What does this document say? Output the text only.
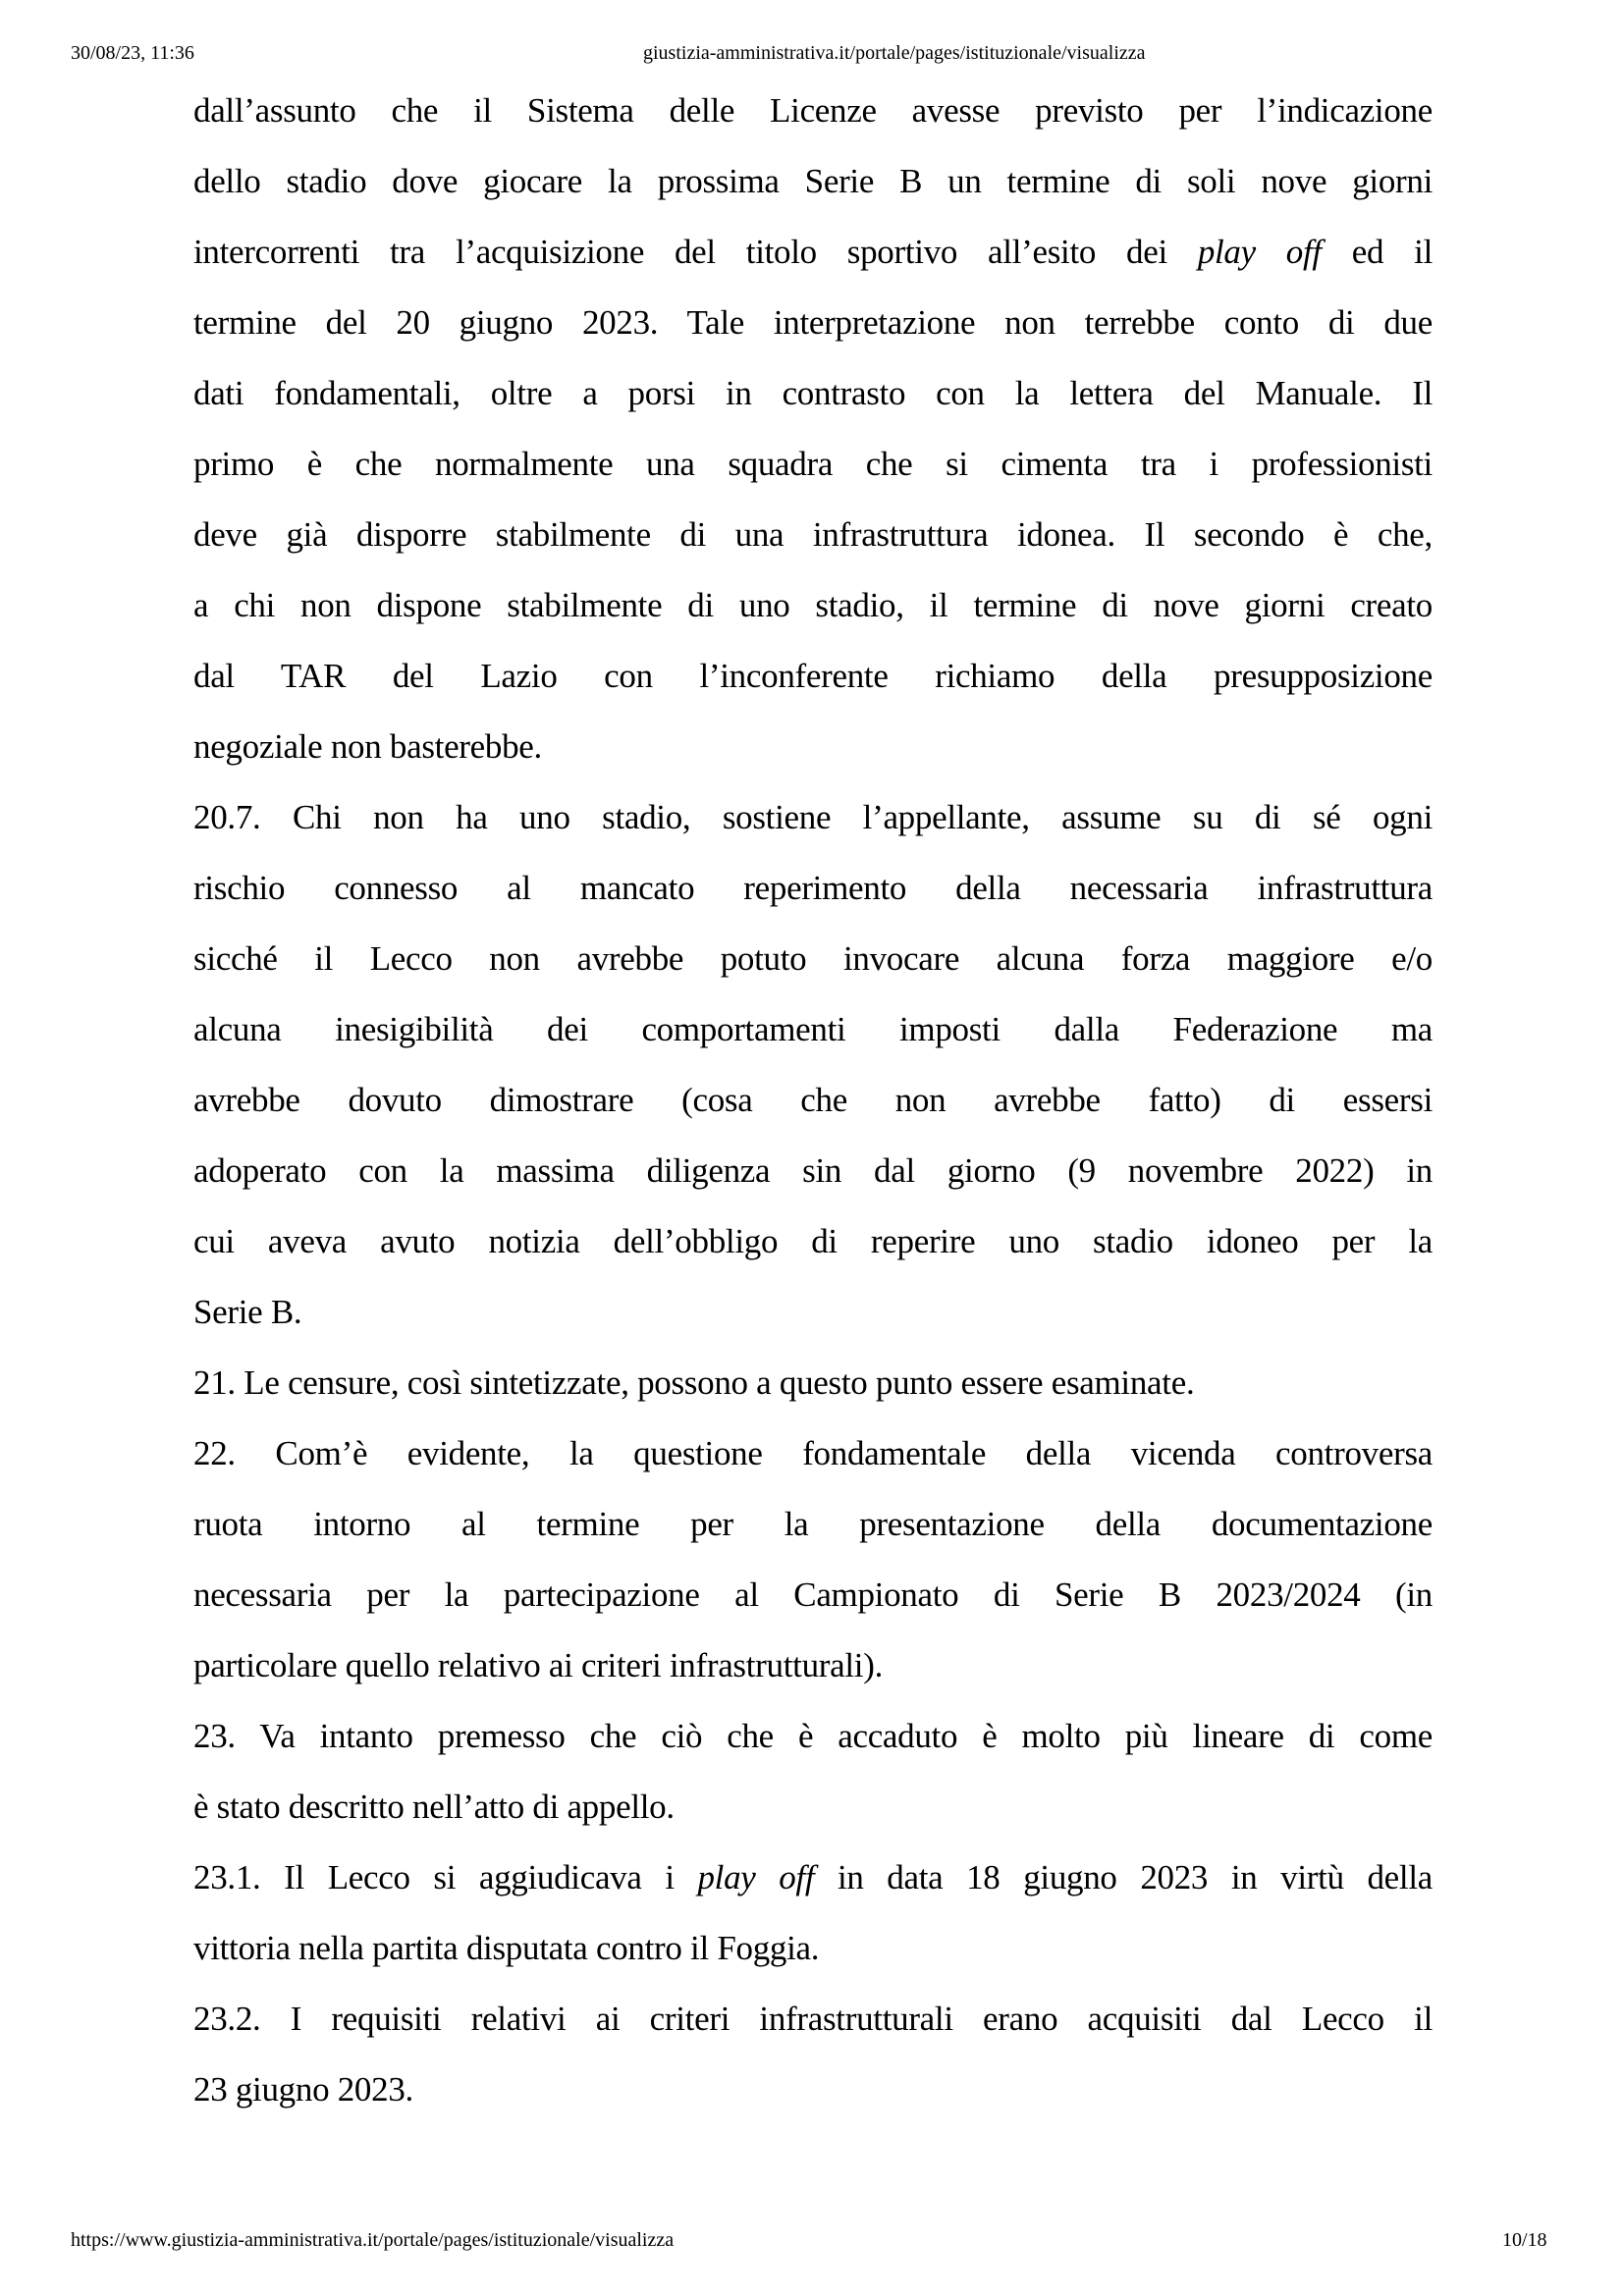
30/08/23, 11:36	giustizia-amministrativa.it/portale/pages/istituzionale/visualizza
dall’assunto che il Sistema delle Licenze avesse previsto per l’indicazione
dello stadio dove giocare la prossima Serie B un termine di soli nove giorni
intercorrenti tra l’acquisizione del titolo sportivo all’esito dei play off ed il
termine del 20 giugno 2023. Tale interpretazione non terrebbe conto di due
dati fondamentali, oltre a porsi in contrasto con la lettera del Manuale. Il
primo è che normalmente una squadra che si cimenta tra i professionisti
deve già disporre stabilmente di una infrastruttura idonea. Il secondo è che,
a chi non dispone stabilmente di uno stadio, il termine di nove giorni creato
dal TAR del Lazio con l’inconferente richiamo della presupposizione
negoziale non basterebbe.
20.7. Chi non ha uno stadio, sostiene l’appellante, assume su di sé ogni
rischio connesso al mancato reperimento della necessaria infrastruttura
sicché il Lecco non avrebbe potuto invocare alcuna forza maggiore e/o
alcuna inesigibilità dei comportamenti imposti dalla Federazione ma
avrebbe dovuto dimostrare (cosa che non avrebbe fatto) di essersi
adoperato con la massima diligenza sin dal giorno (9 novembre 2022) in
cui aveva avuto notizia dell’obbligo di reperire uno stadio idoneo per la
Serie B.
21. Le censure, così sintetizzate, possono a questo punto essere esaminate.
22. Com’è evidente, la questione fondamentale della vicenda controversa
ruota intorno al termine per la presentazione della documentazione
necessaria per la partecipazione al Campionato di Serie B 2023/2024 (in
particolare quello relativo ai criteri infrastrutturali).
23. Va intanto premesso che ciò che è accaduto è molto più lineare di come
è stato descritto nell’atto di appello.
23.1. Il Lecco si aggiudicava i play off in data 18 giugno 2023 in virtù della
vittoria nella partita disputata contro il Foggia.
23.2. I requisiti relativi ai criteri infrastrutturali erano acquisiti dal Lecco il
23 giugno 2023.
https://www.giustizia-amministrativa.it/portale/pages/istituzionale/visualizza	10/18
